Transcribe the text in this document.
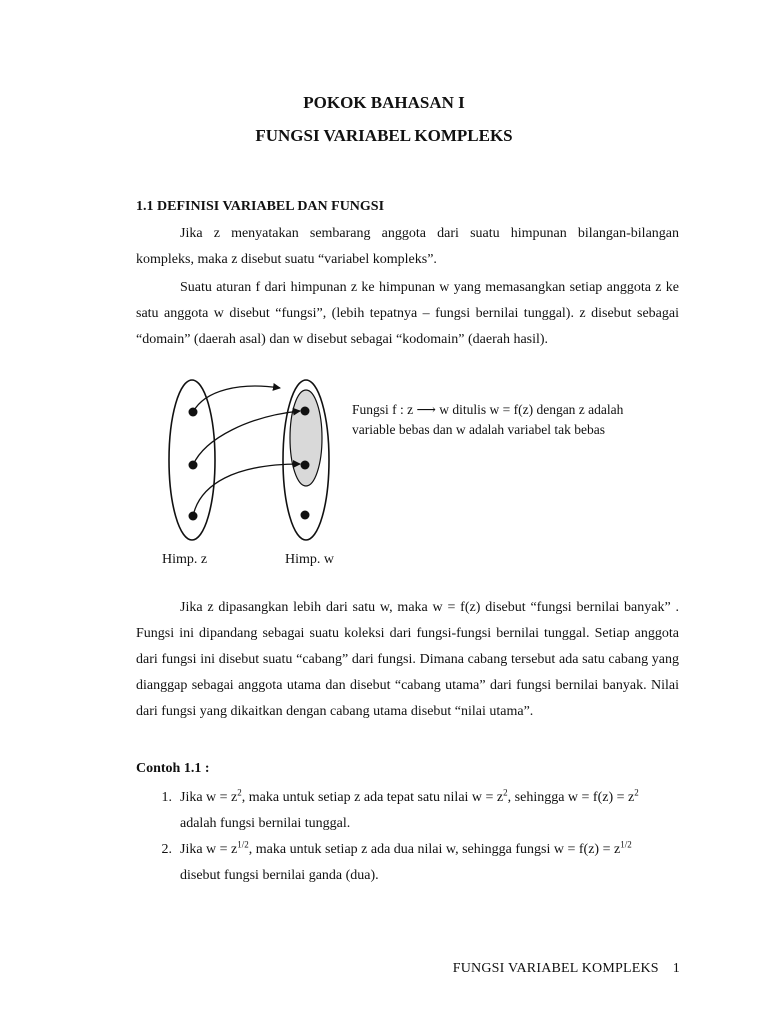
POKOK BAHASAN I
FUNGSI VARIABEL KOMPLEKS
1.1 DEFINISI VARIABEL DAN FUNGSI

Jika z menyatakan sembarang anggota dari suatu himpunan bilangan-bilangan kompleks, maka z disebut suatu “variabel kompleks”.

Suatu aturan f dari himpunan z ke himpunan w yang memasangkan setiap anggota z ke satu anggota w disebut “fungsi”, (lebih tepatnya – fungsi bernilai tunggal). z disebut sebagai “domain” (daerah asal) dan w disebut sebagai “kodomain” (daerah hasil).

Fungsi f : z ⟶ w ditulis w = f(z) dengan z adalah variable bebas dan w adalah variabel tak bebas
Himp. z	Himp. w

Jika z dipasangkan lebih dari satu w, maka w = f(z) disebut “fungsi bernilai banyak” . Fungsi ini dipandang sebagai suatu koleksi dari fungsi-fungsi bernilai tunggal. Setiap anggota dari fungsi ini disebut suatu “cabang” dari fungsi. Dimana cabang tersebut ada satu cabang yang dianggap sebagai anggota utama dan disebut “cabang utama” dari fungsi bernilai banyak. Nilai dari fungsi yang dikaitkan dengan cabang utama disebut “nilai utama”.

Contoh 1.1 :
1. Jika $w = z^2$, maka untuk setiap z ada tepat satu nilai $w = z^2$, sehingga $w = f(z) = z^2$
adalah fungsi bernilai tunggal.
2. Jika $w = z^{1/2}$, maka untuk setiap z ada dua nilai w, sehingga fungsi $w = f(z) = z^{1/2}$
disebut fungsi bernilai ganda (dua).
FUNGSI VARIABEL KOMPLEKS 1
